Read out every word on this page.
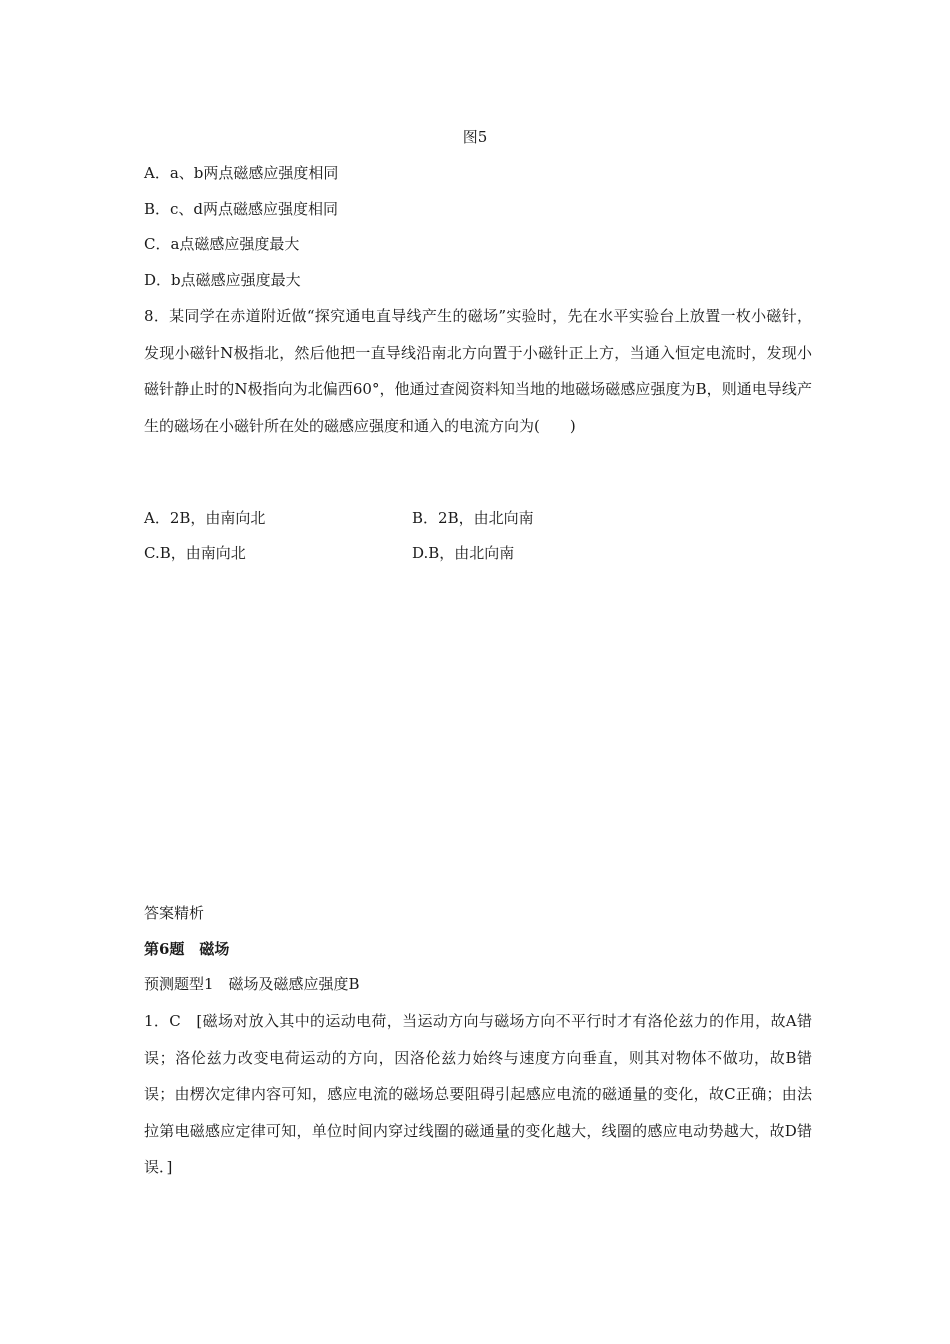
图5
A．a、b两点磁感应强度相同
B．c、d两点磁感应强度相同
C．a点磁感应强度最大
D．b点磁感应强度最大
8．某同学在赤道附近做“探究通电直导线产生的磁场”实验时，先在水平实验台上放置一枚小磁针，发现小磁针N极指北，然后他把一直导线沿南北方向置于小磁针正上方，当通入恒定电流时，发现小磁针静止时的N极指向为北偏西60°，他通过查阅资料知当地的地磁场磁感应强度为B，则通电导线产生的磁场在小磁针所在处的磁感应强度和通入的电流方向为(　　)
A．2B，由南向北	B．2B，由北向南
C.B，由南向北	D.B，由北向南
答案精析
第6题　磁场
预测题型1　磁场及磁感应强度B
1．C　[磁场对放入其中的运动电荷，当运动方向与磁场方向不平行时才有洛伦兹力的作用，故A错误；洛伦兹力改变电荷运动的方向，因洛伦兹力始终与速度方向垂直，则其对物体不做功，故B错误；由楞次定律内容可知，感应电流的磁场总要阻碍引起感应电流的磁通量的变化，故C正确；由法拉第电磁感应定律可知，单位时间内穿过线圈的磁通量的变化越大，线圈的感应电动势越大，故D错误．]
